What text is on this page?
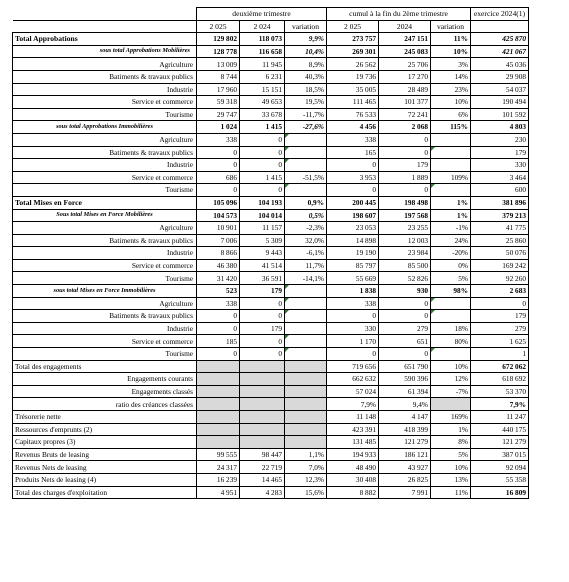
	deuxième trimestre			cumul à la fin du 2ème trimestre			exercice 2024(1)
	2 025	2 024	variation	2 025	2024	variation	
Total Approbations	129 802	118 073	9,9%	273 757	247 151	11%	425 870
sous total Approbations Mobilières	128 778	116 658	10,4%	269 301	245 083	10%	421 067
Agriculture	13 009	11 945	8,9%	26 562	25 706	3%	45 036
Batiments & travaux publics	8 744	6 231	40,3%	19 736	17 270	14%	29 908
Industrie	17 960	15 151	18,5%	35 005	28 489	23%	54 037
Service et commerce	59 318	49 653	19,5%	111 465	101 377	10%	190 494
Tourisme	29 747	33 678	-11,7%	76 533	72 241	6%	101 592
sous total Approbations Immobilières	1 024	1 415	-27,6%	4 456	2 068	115%	4 803
Agriculture	338	0		338	0		230
Batiments & travaux publics	0	0		165	0		179
Industrie	0	0		0	179		330
Service et commerce	686	1 415	-51,5%	3 953	1 889	109%	3 464
Tourisme	0	0		0	0		600
Total Mises en Force	105 096	104 193	0,9%	200 445	198 498	1%	381 896
Sous total Mises en Force Mobilières	104 573	104 014	0,5%	198 607	197 568	1%	379 213
Agriculture	10 901	11 157	-2,3%	23 053	23 255	-1%	41 775
Batiments & travaux publics	7 006	5 309	32,0%	14 898	12 003	24%	25 860
Industrie	8 866	9 443	-6,1%	19 190	23 984	-20%	50 076
Service et commerce	46 380	41 514	11,7%	85 797	85 500	0%	169 242
Tourisme	31 420	36 591	-14,1%	55 669	52 826	5%	92 260
sous total Mises en Force Immobilières	523	179		1 838	930	98%	2 683
Agriculture	338	0		338	0		0
Batiments & travaux publics	0	0		0	0		179
Industrie	0	179		330	279	18%	279
Service et commerce	185	0		1 170	651	80%	1 625
Tourisme	0	0		0	0		1
Total des engagements				719 656	651 790	10%	672 062
Engagements courants				662 632	590 396	12%	618 692
Engagements classés				57 024	61 394	-7%	53 370
ratio des créances classées				7,9%	9,4%		7,9%
Trésorerie nette				11 148	4 147	169%	11 247
Ressources d'emprunts (2)				423 391	418 399	1%	440 175
Capitaux propres (3)				131 485	121 279	8%	121 279
Revenus Bruts de leasing	99 555	98 447	1,1%	194 933	186 121	5%	387 015
Revenus Nets de leasing	24 317	22 719	7,0%	48 490	43 927	10%	92 094
Produits Nets de leasing (4)	16 239	14 465	12,3%	30 408	26 825	13%	55 358
Total des charges d'exploitation	4 951	4 283	15,6%	8 882	7 991	11%	16 809
